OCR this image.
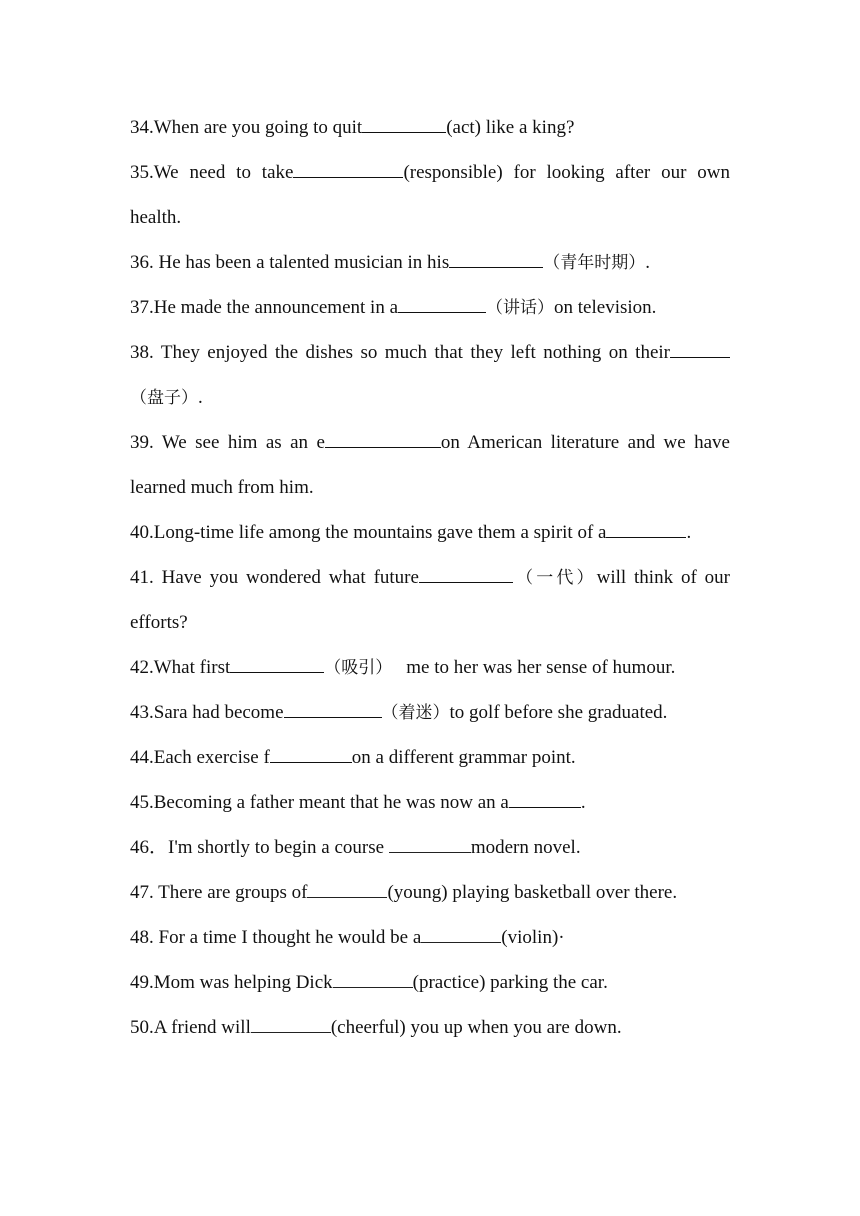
34.When are you going to quit	(act) like a king?
35.We need to take	(responsible) for looking after our own
health.
36. He has been a talented musician in his	（青年时期）.
37.He made the announcement in a	（讲话）on television.
38. They enjoyed the dishes so much that they left nothing on their
（盘子）.
39. We see him as an e	on American literature and we have
learned much from him.
40.Long-time life among the mountains gave them a spirit of a	.
41. Have you wondered what future	（一代）will think of our
efforts?
42.What first	（吸引） me to her was her sense of humour.
43.Sara had become	（着迷）to golf before she graduated.
44.Each exercise f	on a different grammar point.
45.Becoming a father meant that he was now an a	.
46．I'm shortly to begin a course	modern novel.
47. There are groups of	(young) playing basketball over there.
48. For a time I thought he would be a	(violin)·
49.Mom was helping Dick	(practice) parking the car.
50.A friend will	(cheerful) you up when you are down.
